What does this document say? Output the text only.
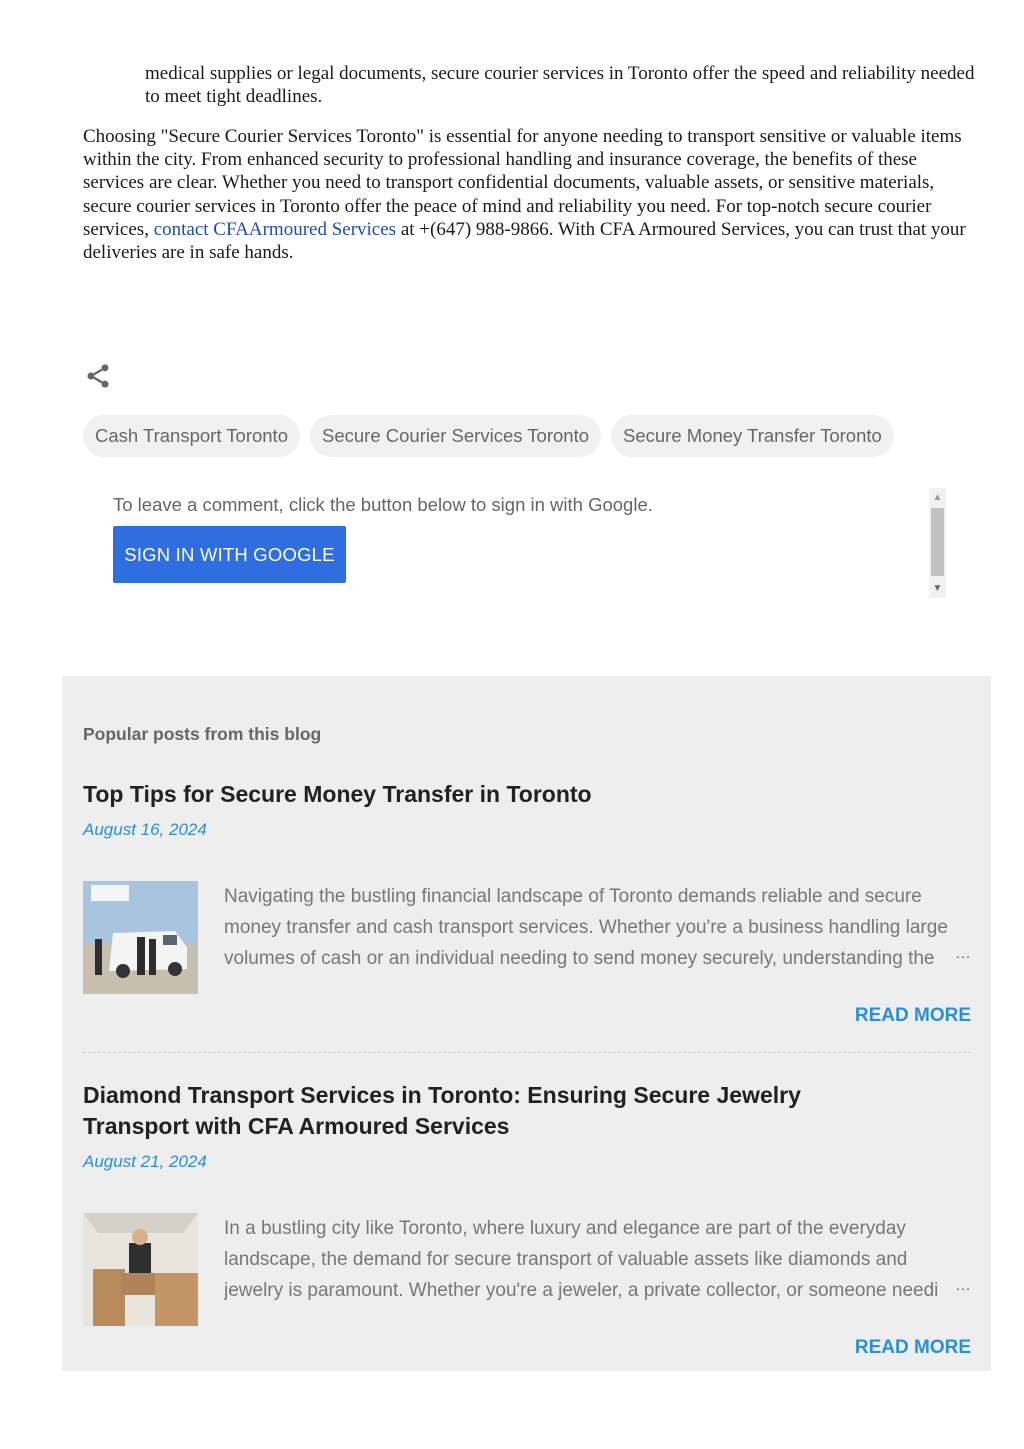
medical supplies or legal documents, secure courier services in Toronto offer the speed and reliability needed to meet tight deadlines.

Choosing "Secure Courier Services Toronto" is essential for anyone needing to transport sensitive or valuable items within the city. From enhanced security to professional handling and insurance coverage, the benefits of these services are clear. Whether you need to transport confidential documents, valuable assets, or sensitive materials, secure courier services in Toronto offer the peace of mind and reliability you need. For top-notch secure courier services, contact CFAArmoured Services at +(647) 988-9866. With CFA Armoured Services, you can trust that your deliveries are in safe hands.

Cash Transport Toronto	Secure Courier Services Toronto	Secure Money Transfer Toronto
To leave a comment, click the button below to sign in with Google.
SIGN IN WITH GOOGLE
▲
▼
Popular posts from this blog
Top Tips for Secure Money Transfer in Toronto
August 16, 2024
Navigating the bustling financial landscape of Toronto demands reliable and secure money transfer and cash transport services. Whether you're a business handling large volumes of cash or an individual needing to send money securely, understanding the	…
READ MORE
Diamond Transport Services in Toronto: Ensuring Secure Jewelry Transport with CFA Armoured Services
August 21, 2024
In a bustling city like Toronto, where luxury and elegance are part of the everyday landscape, the demand for secure transport of valuable assets like diamonds and jewelry is paramount. Whether you're a jeweler, a private collector, or someone needi	…
READ MORE
